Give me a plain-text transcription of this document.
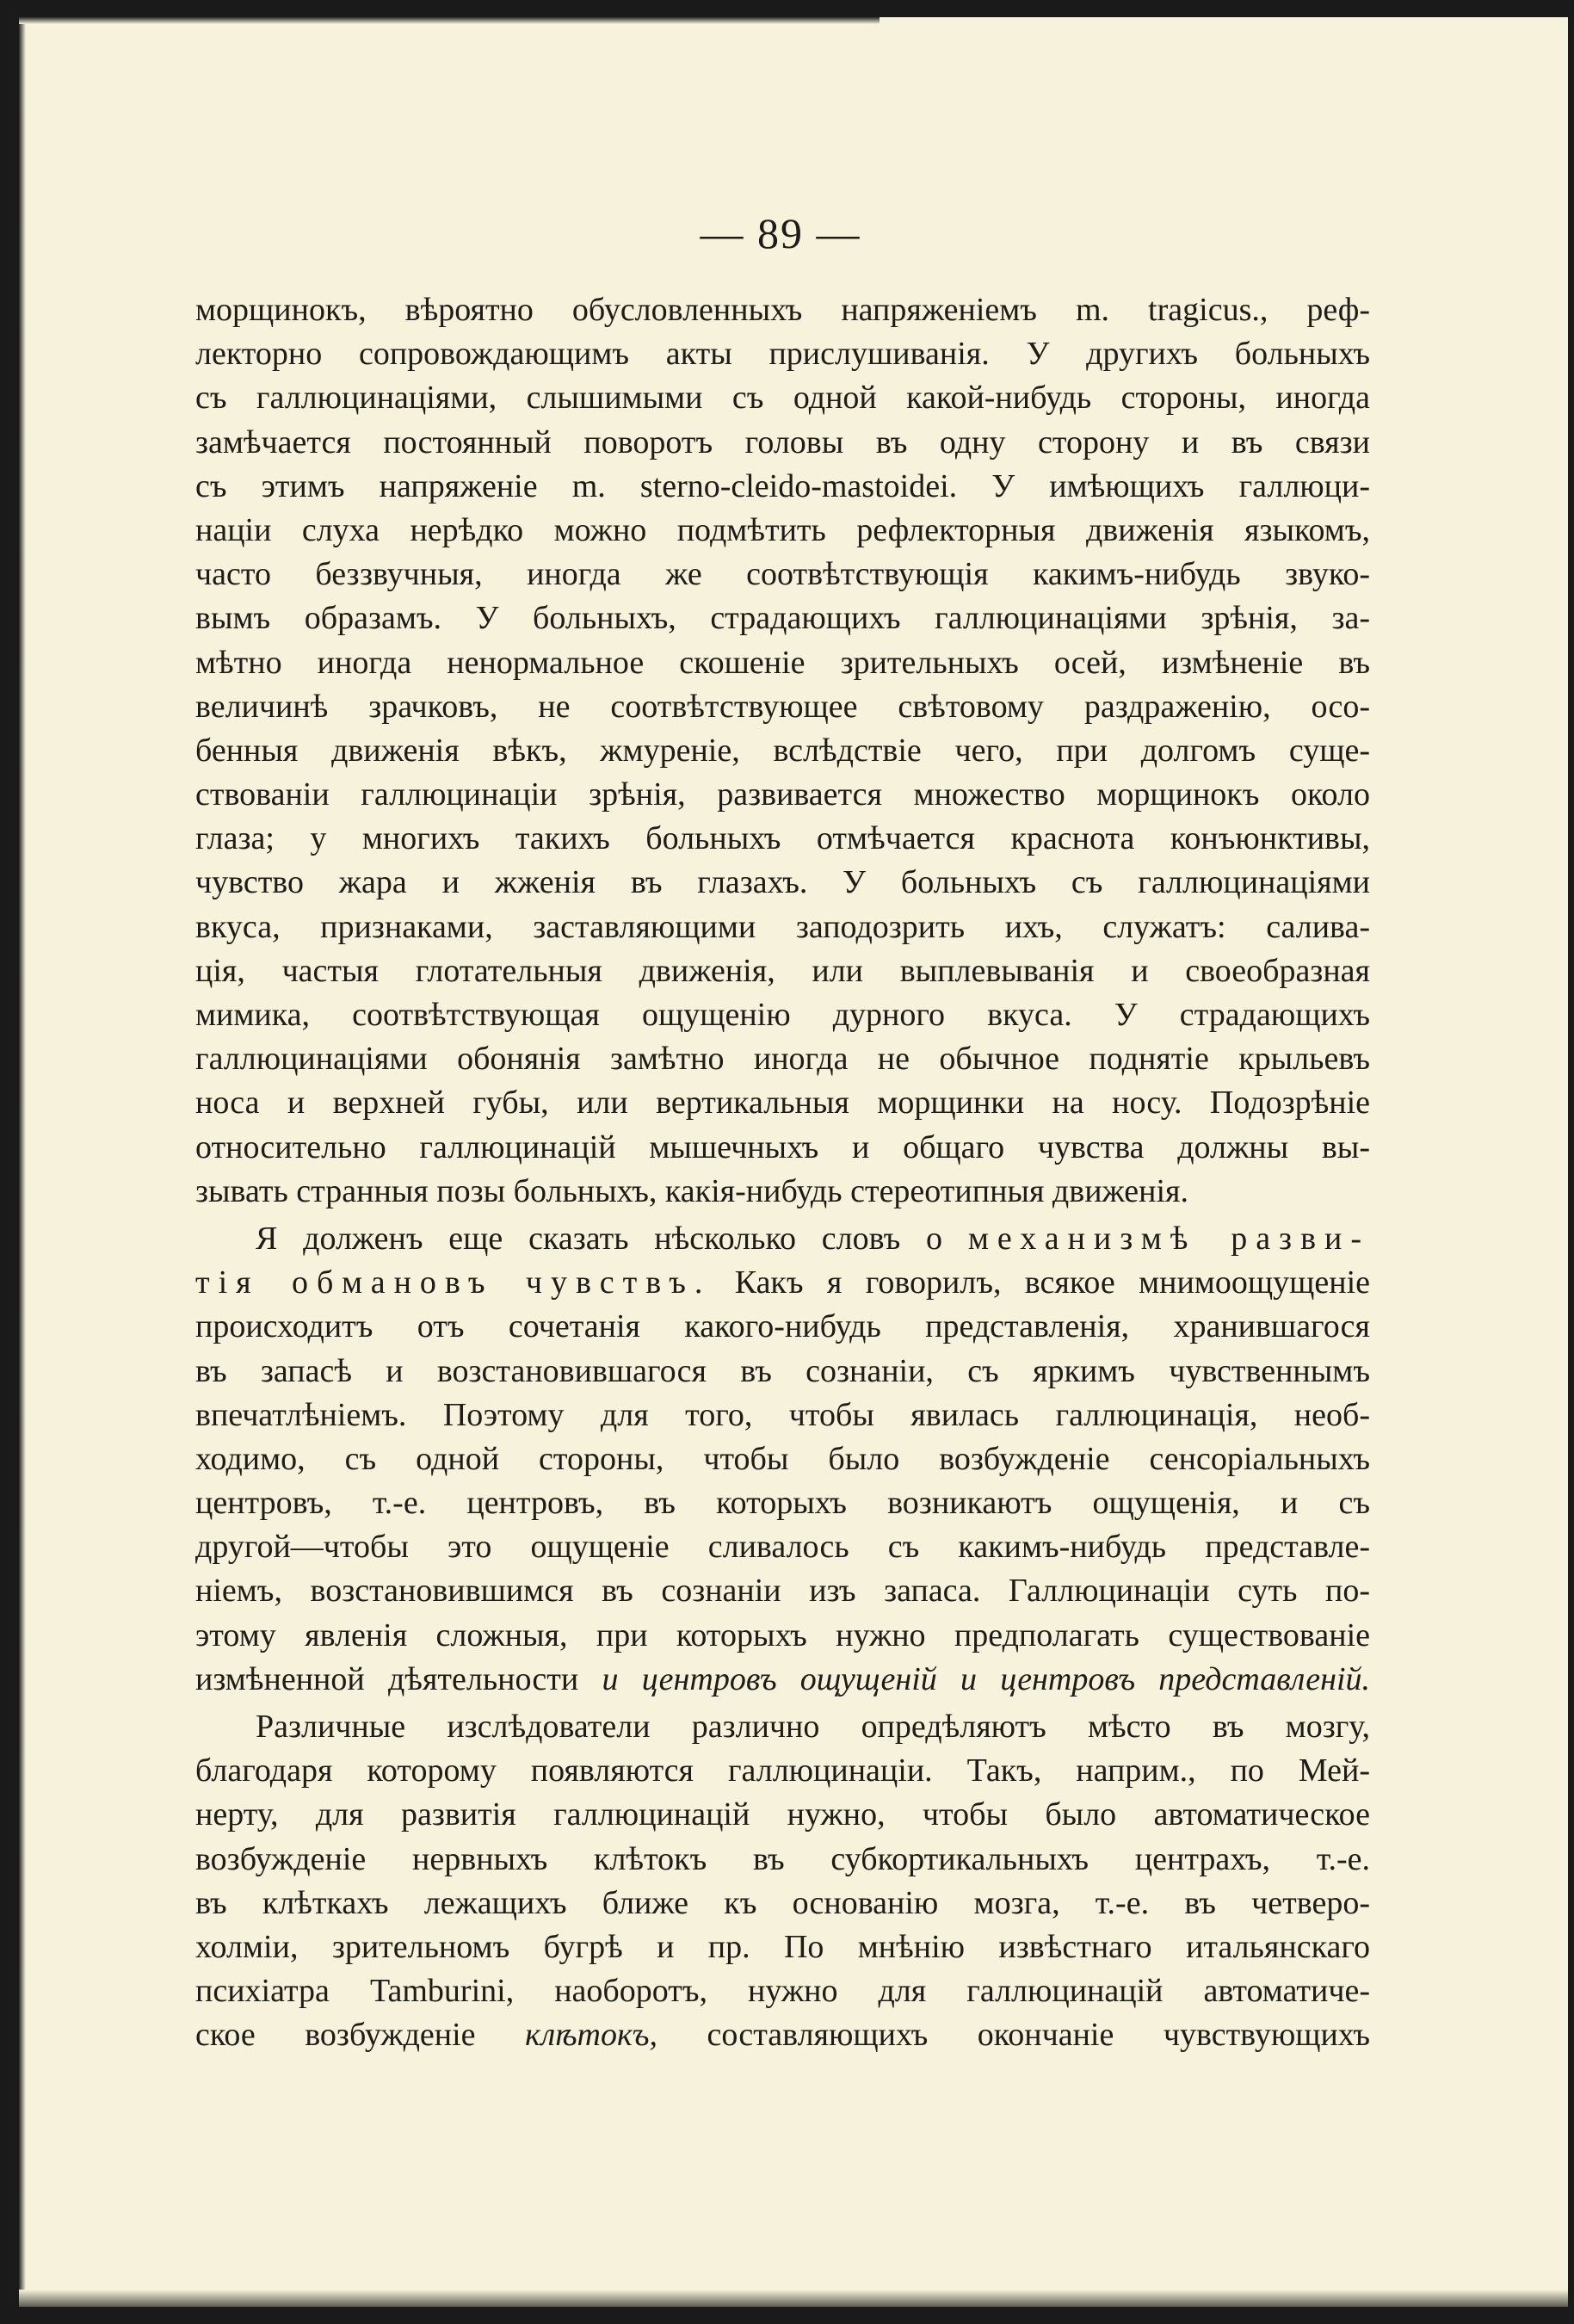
— 89 —
морщинокъ, вѣроятно обусловленныхъ напряженіемъ m. tragicus., реф-
лекторно сопровождающимъ акты прислушиванія. У другихъ больныхъ
съ галлюцинаціями, слышимыми съ одной какой-нибудь стороны, иногда
замѣчается постоянный поворотъ головы въ одну сторону и въ связи
съ этимъ напряженіе m. sterno-cleido-mastoidei. У имѣющихъ галлюци-
націи слуха нерѣдко можно подмѣтить рефлекторныя движенія языкомъ,
часто беззвучныя, иногда же соотвѣтствующія какимъ-нибудь звуко-
вымъ образамъ. У больныхъ, страдающихъ галлюцинаціями зрѣнія, за-
мѣтно иногда ненормальное скошеніе зрительныхъ осей, измѣненіе въ
величинѣ зрачковъ, не соотвѣтствующее свѣтовому раздраженію, осо-
бенныя движенія вѣкъ, жмуреніе, вслѣдствіе чего, при долгомъ суще-
ствованіи галлюцинаціи зрѣнія, развивается множество морщинокъ около
глаза; у многихъ такихъ больныхъ отмѣчается краснота конъюнктивы,
чувство жара и жженія въ глазахъ. У больныхъ съ галлюцинаціями
вкуса, признаками, заставляющими заподозрить ихъ, служатъ: салива-
ція, частыя глотательныя движенія, или выплевыванія и своеобразная
мимика, соотвѣтствующая ощущенію дурного вкуса. У страдающихъ
галлюцинаціями обонянія замѣтно иногда не обычное поднятіе крыльевъ
носа и верхней губы, или вертикальныя морщинки на носу. Подозрѣніе
относительно галлюцинацій мышечныхъ и общаго чувства должны вы-
зывать странныя позы больныхъ, какія-нибудь стереотипныя движенія.
Я долженъ еще сказать нѣсколько словъ о механизмѣ разви-
тія обмановъ чувствъ. Какъ я говорилъ, всякое мнимоощущеніе
происходитъ отъ сочетанія какого-нибудь представленія, хранившагося
въ запасѣ и возстановившагося въ сознаніи, съ яркимъ чувственнымъ
впечатлѣніемъ. Поэтому для того, чтобы явилась галлюцинація, необ-
ходимо, съ одной стороны, чтобы было возбужденіе сенсоріальныхъ
центровъ, т.-е. центровъ, въ которыхъ возникаютъ ощущенія, и съ
другой—чтобы это ощущеніе сливалось съ какимъ-нибудь представле-
ніемъ, возстановившимся въ сознаніи изъ запаса. Галлюцинаціи суть по-
этому явленія сложныя, при которыхъ нужно предполагать существованіе
измѣненной дѣятельности и центровъ ощущеній и центровъ представленій.
Различные изслѣдователи различно опредѣляютъ мѣсто въ мозгу,
благодаря которому появляются галлюцинаціи. Такъ, наприм., по Мей-
нерту, для развитія галлюцинацій нужно, чтобы было автоматическое
возбужденіе нервныхъ клѣтокъ въ субкортикальныхъ центрахъ, т.-е.
въ клѣткахъ лежащихъ ближе къ основанію мозга, т.-е. въ четверо-
холміи, зрительномъ бугрѣ и пр. По мнѣнію извѣстнаго итальянскаго
психіатра Tamburini, наоборотъ, нужно для галлюцинацій автоматиче-
ское возбужденіе клѣтокъ, составляющихъ окончаніе чувствующихъ
